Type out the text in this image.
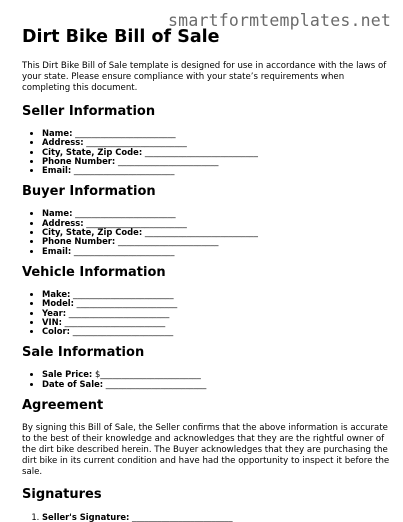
smartformtemplates.net
Dirt Bike Bill of Sale

This Dirt Bike Bill of Sale template is designed for use in accordance with the laws of your state. Please ensure compliance with your state’s requirements when completing this document.

Seller Information
• Name: ________________________
• Address: ________________________
• City, State, Zip Code: ___________________________
• Phone Number: ________________________
• Email: ________________________
Buyer Information
• Name: ________________________
• Address: ________________________
• City, State, Zip Code: ___________________________
• Phone Number: ________________________
• Email: ________________________
Vehicle Information
• Make: ________________________
• Model: ________________________
• Year: ________________________
• VIN: ________________________
• Color: ________________________
Sale Information
• Sale Price: $________________________
• Date of Sale: ________________________
Agreement

By signing this Bill of Sale, the Seller confirms that the above information is accurate to the best of their knowledge and acknowledges that they are the rightful owner of the dirt bike described herein. The Buyer acknowledges that they are purchasing the dirt bike in its current condition and have had the opportunity to inspect it before the sale.

Signatures
1. Seller's Signature: ________________________
